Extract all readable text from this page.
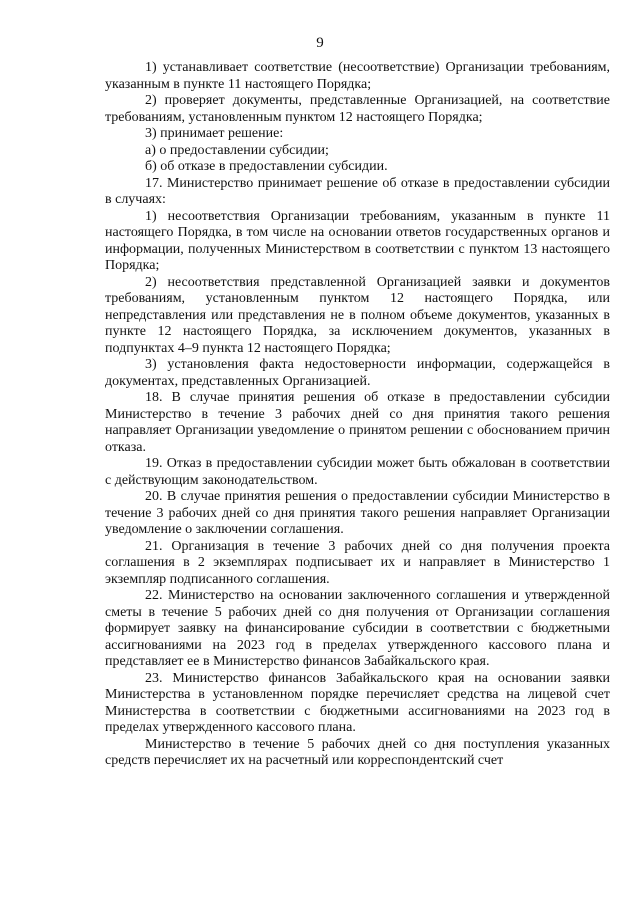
9

1) устанавливает соответствие (несоответствие) Организации требованиям, указанным в пункте 11 настоящего Порядка;

2) проверяет документы, представленные Организацией, на соответствие требованиям, установленным пунктом 12 настоящего Порядка;

3) принимает решение:

а) о предоставлении субсидии;

б) об отказе в предоставлении субсидии.

17. Министерство принимает решение об отказе в предоставлении субсидии в случаях:

1) несоответствия Организации требованиям, указанным в пункте 11 настоящего Порядка, в том числе на основании ответов государственных органов и информации, полученных Министерством в соответствии с пунктом 13 настоящего Порядка;

2) несоответствия представленной Организацией заявки и документов требованиям, установленным пунктом 12 настоящего Порядка, или непредставления или представления не в полном объеме документов, указанных в пункте 12 настоящего Порядка, за исключением документов, указанных в подпунктах 4–9 пункта 12 настоящего Порядка;

3) установления факта недостоверности информации, содержащейся в документах, представленных Организацией.

18. В случае принятия решения об отказе в предоставлении субсидии Министерство в течение 3 рабочих дней со дня принятия такого решения направляет Организации уведомление о принятом решении с обоснованием причин отказа.

19. Отказ в предоставлении субсидии может быть обжалован в соответствии с действующим законодательством.

20. В случае принятия решения о предоставлении субсидии Министерство в течение 3 рабочих дней со дня принятия такого решения направляет Организации уведомление о заключении соглашения.

21. Организация в течение 3 рабочих дней со дня получения проекта соглашения в 2 экземплярах подписывает их и направляет в Министерство 1 экземпляр подписанного соглашения.

22. Министерство на основании заключенного соглашения и утвержденной сметы в течение 5 рабочих дней со дня получения от Организации соглашения формирует заявку на финансирование субсидии в соответствии с бюджетными ассигнованиями на 2023 год в пределах утвержденного кассового плана и представляет ее в Министерство финансов Забайкальского края.

23. Министерство финансов Забайкальского края на основании заявки Министерства в установленном порядке перечисляет средства на лицевой счет Министерства в соответствии с бюджетными ассигнованиями на 2023 год в пределах утвержденного кассового плана.

Министерство в течение 5 рабочих дней со дня поступления указанных средств перечисляет их на расчетный или корреспондентский счет
